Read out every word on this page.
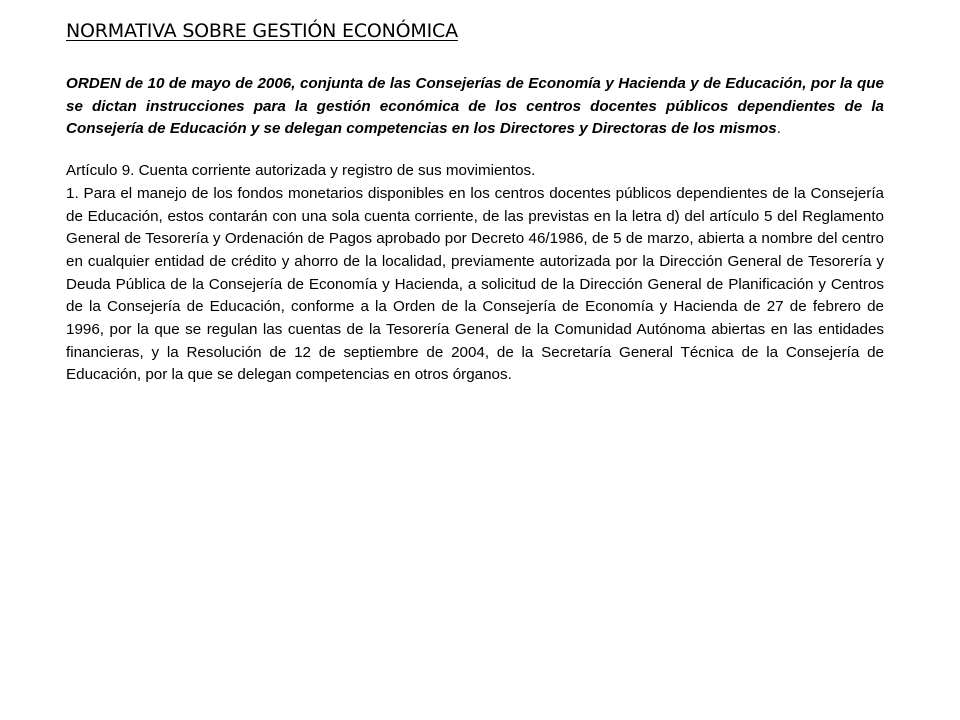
NORMATIVA SOBRE GESTIÓN ECONÓMICA

ORDEN de 10 de mayo de 2006, conjunta de las Consejerías de Economía y Hacienda y de Educación, por la que se dictan instrucciones para la gestión económica de los centros docentes públicos dependientes de la Consejería de Educación y se delegan competencias en los Directores y Directoras de los mismos.

Artículo 9. Cuenta corriente autorizada y registro de sus movimientos.

1. Para el manejo de los fondos monetarios disponibles en los centros docentes públicos dependientes de la Consejería de Educación, estos contarán con una sola cuenta corriente, de las previstas en la letra d) del artículo 5 del Reglamento General de Tesorería y Ordenación de Pagos aprobado por Decreto 46/1986, de 5 de marzo, abierta a nombre del centro en cualquier entidad de crédito y ahorro de la localidad, previamente autorizada por la Dirección General de Tesorería y Deuda Pública de la Consejería de Economía y Hacienda, a solicitud de la Dirección General de Planificación y Centros de la Consejería de Educación, conforme a la Orden de la Consejería de Economía y Hacienda de 27 de febrero de 1996, por la que se regulan las cuentas de la Tesorería General de la Comunidad Autónoma abiertas en las entidades financieras, y la Resolución de 12 de septiembre de 2004, de la Secretaría General Técnica de la Consejería de Educación, por la que se delegan competencias en otros órganos.
